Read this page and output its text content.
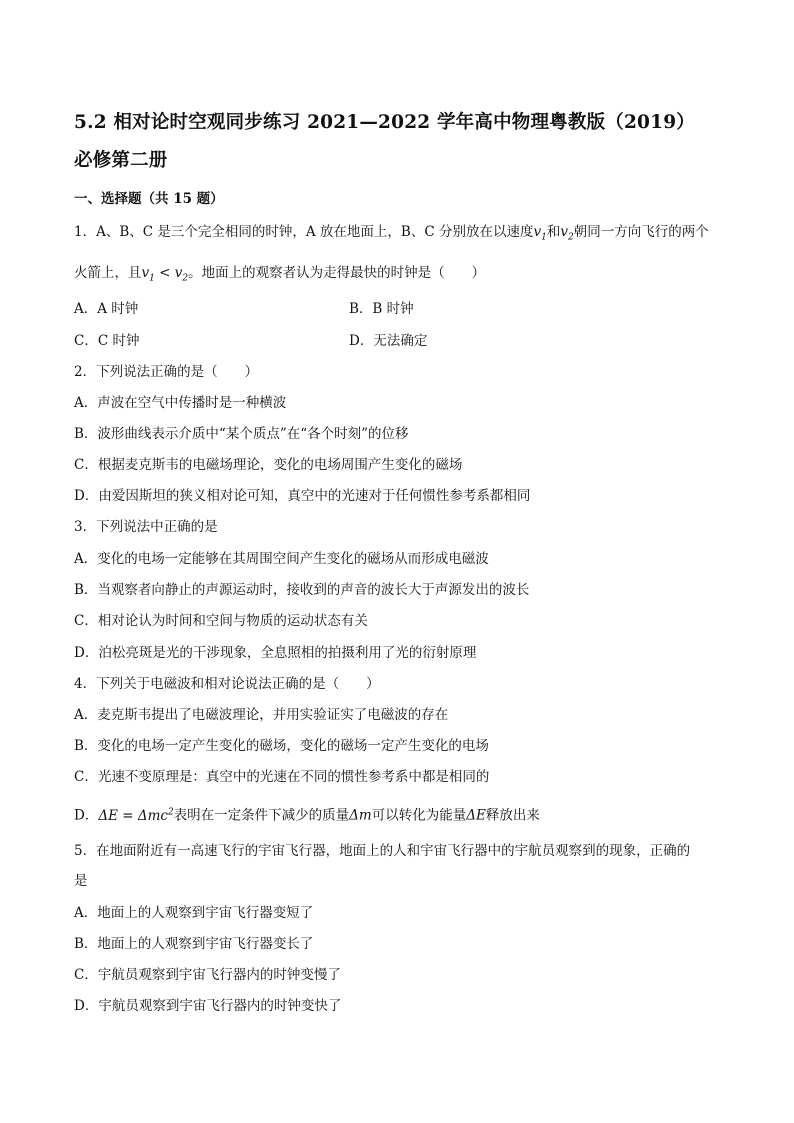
5.2 相对论时空观同步练习 2021—2022 学年高中物理粤教版（2019）
必修第二册
一、选择题（共 15 题）
1．A、B、C 是三个完全相同的时钟，A 放在地面上，B、C 分别放在以速度$v_1$和$v_2$朝同一方向飞行的两个
火箭上，且$v_1 < v_2$。地面上的观察者认为走得最快的时钟是（　　）
A．A 时钟	B．B 时钟
C．C 时钟	D．无法确定
2．下列说法正确的是（　　）
A．声波在空气中传播时是一种横波
B．波形曲线表示介质中“某个质点”在“各个时刻”的位移
C．根据麦克斯韦的电磁场理论，变化的电场周围产生变化的磁场
D．由爱因斯坦的狭义相对论可知，真空中的光速对于任何惯性参考系都相同
3．下列说法中正确的是
A．变化的电场一定能够在其周围空间产生变化的磁场从而形成电磁波
B．当观察者向静止的声源运动时，接收到的声音的波长大于声源发出的波长
C．相对论认为时间和空间与物质的运动状态有关
D．泊松亮斑是光的干涉现象，全息照相的拍摄利用了光的衍射原理
4．下列关于电磁波和相对论说法正确的是（　　）
A．麦克斯韦提出了电磁波理论，并用实验证实了电磁波的存在
B．变化的电场一定产生变化的磁场，变化的磁场一定产生变化的电场
C．光速不变原理是：真空中的光速在不同的惯性参考系中都是相同的
D．ΔE = Δmc$^2$表明在一定条件下减少的质量Δm可以转化为能量ΔE释放出来
5．在地面附近有一高速飞行的宇宙飞行器，地面上的人和宇宙飞行器中的宇航员观察到的现象，正确的
是
A．地面上的人观察到宇宙飞行器变短了
B．地面上的人观察到宇宙飞行器变长了
C．宇航员观察到宇宙飞行器内的时钟变慢了
D．宇航员观察到宇宙飞行器内的时钟变快了
